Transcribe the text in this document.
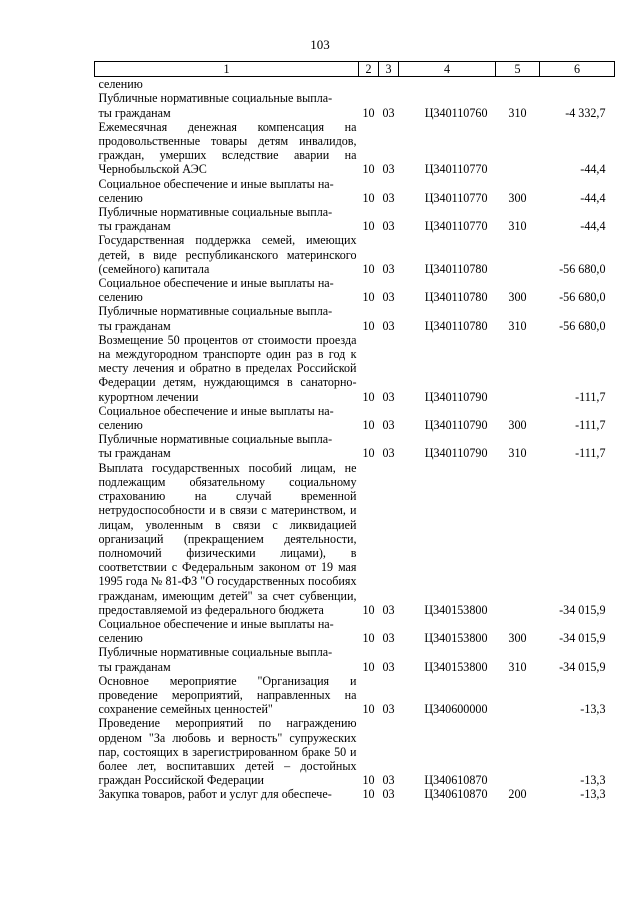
103
1	2	3	4	5	6
селению					
Публичные нормативные социальные выпла-
ты гражданам	10	03	Ц340110760	310	-4 332,7
Ежемесячная денежная компенсация на продовольственные товары детям инвалидов, граждан, умерших вследствие аварии на Чернобыльской АЭС	10	03	Ц340110770		-44,4
Социальное обеспечение и иные выплаты на-
селению	10	03	Ц340110770	300	-44,4
Публичные нормативные социальные выпла-
ты гражданам	10	03	Ц340110770	310	-44,4
Государственная поддержка семей, имеющих детей, в виде республиканского материнского (семейного) капитала	10	03	Ц340110780		-56 680,0
Социальное обеспечение и иные выплаты на-
селению	10	03	Ц340110780	300	-56 680,0
Публичные нормативные социальные выпла-
ты гражданам	10	03	Ц340110780	310	-56 680,0
Возмещение 50 процентов от стоимости проезда на междугородном транспорте один раз в год к месту лечения и обратно в пределах Российской Федерации детям, нуждающимся в санаторно-курортном лечении	10	03	Ц340110790		-111,7
Социальное обеспечение и иные выплаты на-
селению	10	03	Ц340110790	300	-111,7
Публичные нормативные социальные выпла-
ты гражданам	10	03	Ц340110790	310	-111,7
Выплата государственных пособий лицам, не подлежащим обязательному социальному страхованию на случай временной нетрудоспособности и в связи с материнством, и лицам, уволенным в связи с ликвидацией организаций (прекращением деятельности, полномочий физическими лицами), в соответствии с Федеральным законом от 19 мая 1995 года № 81-ФЗ "О государственных пособиях гражданам, имеющим детей" за счет субвенции, предоставляемой из федерального бюджета	10	03	Ц340153800		-34 015,9
Социальное обеспечение и иные выплаты на-
селению	10	03	Ц340153800	300	-34 015,9
Публичные нормативные социальные выпла-
ты гражданам	10	03	Ц340153800	310	-34 015,9
Основное мероприятие "Организация и проведение мероприятий, направленных на сохранение семейных ценностей"	10	03	Ц340600000		-13,3
Проведение мероприятий по награждению орденом "За любовь и верность" супружеских пар, состоящих в зарегистрированном браке 50 и более лет, воспитавших детей – достойных граждан Российской Федерации	10	03	Ц340610870		-13,3
Закупка товаров, работ и услуг для обеспече-	10	03	Ц340610870	200	-13,3
